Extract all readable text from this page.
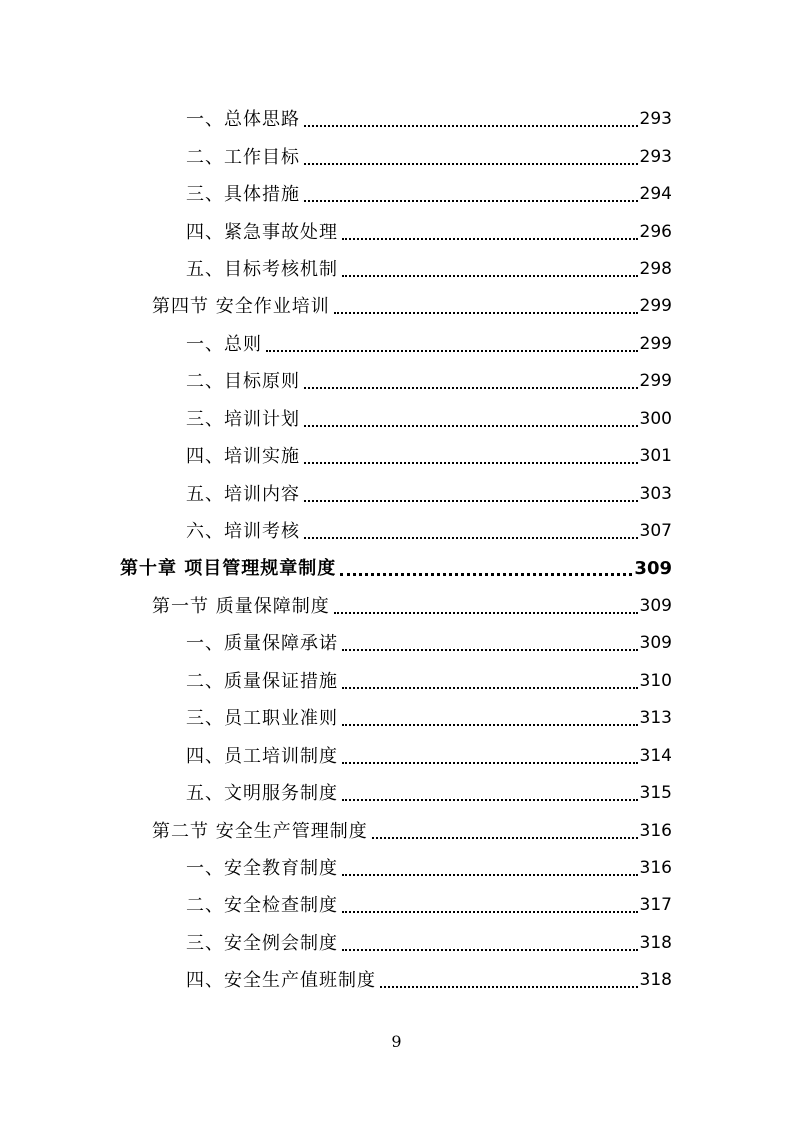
一、总体思路	293
二、工作目标	293
三、具体措施	294
四、紧急事故处理	296
五、目标考核机制	298
第四节 安全作业培训	299
一、总则	299
二、目标原则	299
三、培训计划	300
四、培训实施	301
五、培训内容	303
六、培训考核	307
第十章 项目管理规章制度	309
第一节 质量保障制度	309
一、质量保障承诺	309
二、质量保证措施	310
三、员工职业准则	313
四、员工培训制度	314
五、文明服务制度	315
第二节 安全生产管理制度	316
一、安全教育制度	316
二、安全检查制度	317
三、安全例会制度	318
四、安全生产值班制度	318
9
